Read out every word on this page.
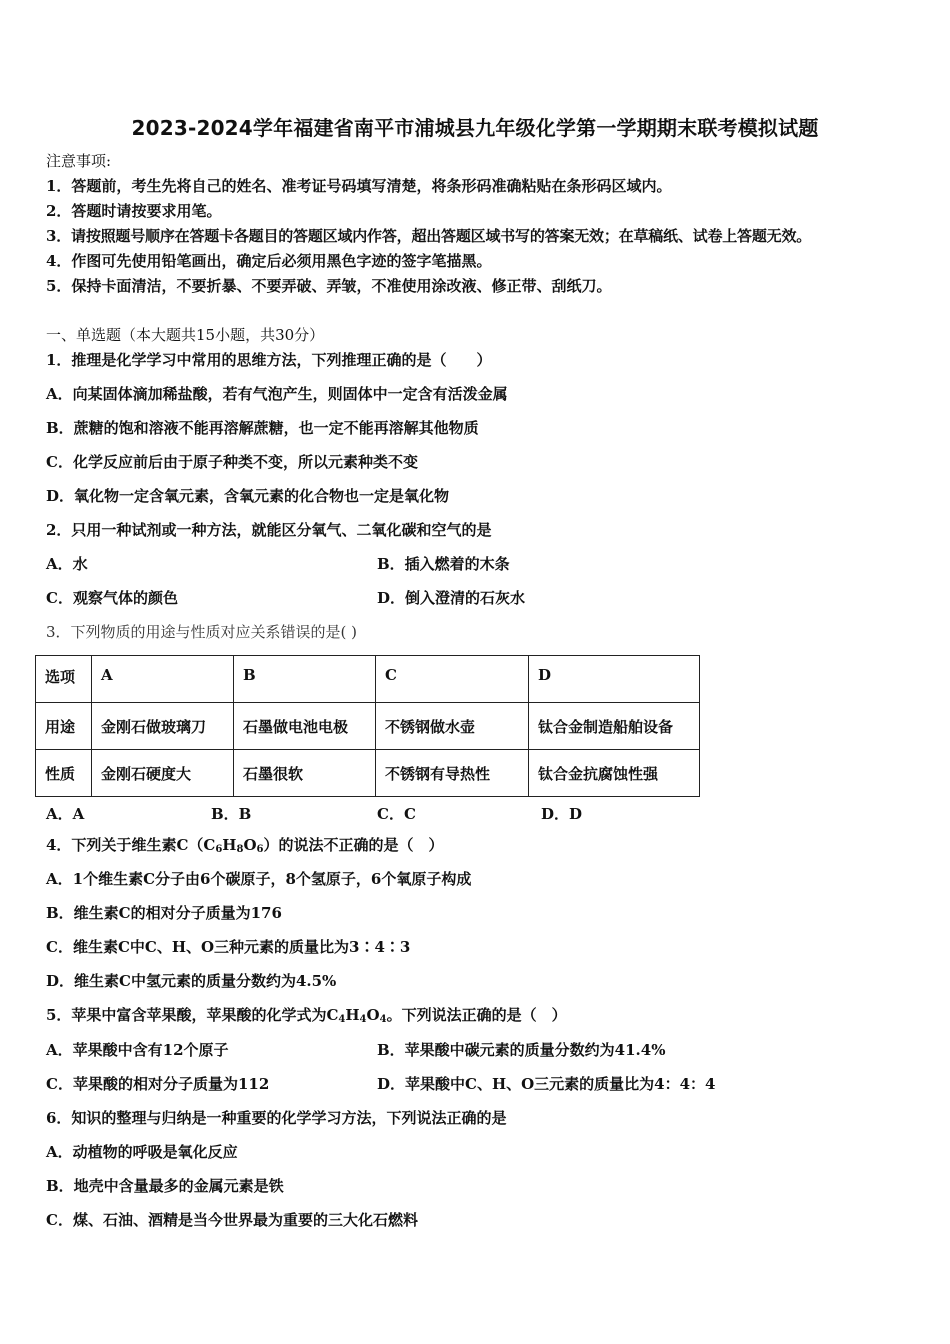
2023-2024学年福建省南平市浦城县九年级化学第一学期期末联考模拟试题
注意事项:
1．答题前，考生先将自己的姓名、准考证号码填写清楚，将条形码准确粘贴在条形码区域内。
2．答题时请按要求用笔。
3．请按照题号顺序在答题卡各题目的答题区域内作答，超出答题区域书写的答案无效；在草稿纸、试卷上答题无效。
4．作图可先使用铅笔画出，确定后必须用黑色字迹的签字笔描黑。
5．保持卡面清洁，不要折暴、不要弄破、弄皱，不准使用涂改液、修正带、刮纸刀。
一、单选题（本大题共15小题，共30分）
1．推理是化学学习中常用的思维方法，下列推理正确的是（　　）
A．向某固体滴加稀盐酸，若有气泡产生，则固体中一定含有活泼金属
B．蔗糖的饱和溶液不能再溶解蔗糖，也一定不能再溶解其他物质
C．化学反应前后由于原子种类不变，所以元素种类不变
D．氧化物一定含氧元素，含氧元素的化合物也一定是氧化物
2．只用一种试剂或一种方法，就能区分氧气、二氧化碳和空气的是
A．水	B．插入燃着的木条
C．观察气体的颜色	D．倒入澄清的石灰水
3．下列物质的用途与性质对应关系错误的是( )
选项	A	B	C	D
用途	金刚石做玻璃刀	石墨做电池电极	不锈钢做水壶	钛合金制造船舶设备
性质	金刚石硬度大	石墨很软	不锈钢有导热性	钛合金抗腐蚀性强
A．A	B．B	C．C	D．D
4．下列关于维生素$C(C_6H_8O_6)$的说法不正确的是（　）
A．1个维生素C分子由6个碳原子，8个氢原子，6个氧原子构成
B．维生素C的相对分子质量为176
C．维生素C中C、H、O三种元素的质量比为3∶4∶3
D．维生素C中氢元素的质量分数约为4.5%
5．苹果中富含苹果酸，苹果酸的化学式为$C_4H_4O_4$。下列说法正确的是（　）
A．苹果酸中含有12个原子	B．苹果酸中碳元素的质量分数约为41.4%
C．苹果酸的相对分子质量为112	D．苹果酸中C、H、O三元素的质量比为4：4：4
6．知识的整理与归纳是一种重要的化学学习方法，下列说法正确的是
A．动植物的呼吸是氧化反应
B．地壳中含量最多的金属元素是铁
C．煤、石油、酒精是当今世界最为重要的三大化石燃料
